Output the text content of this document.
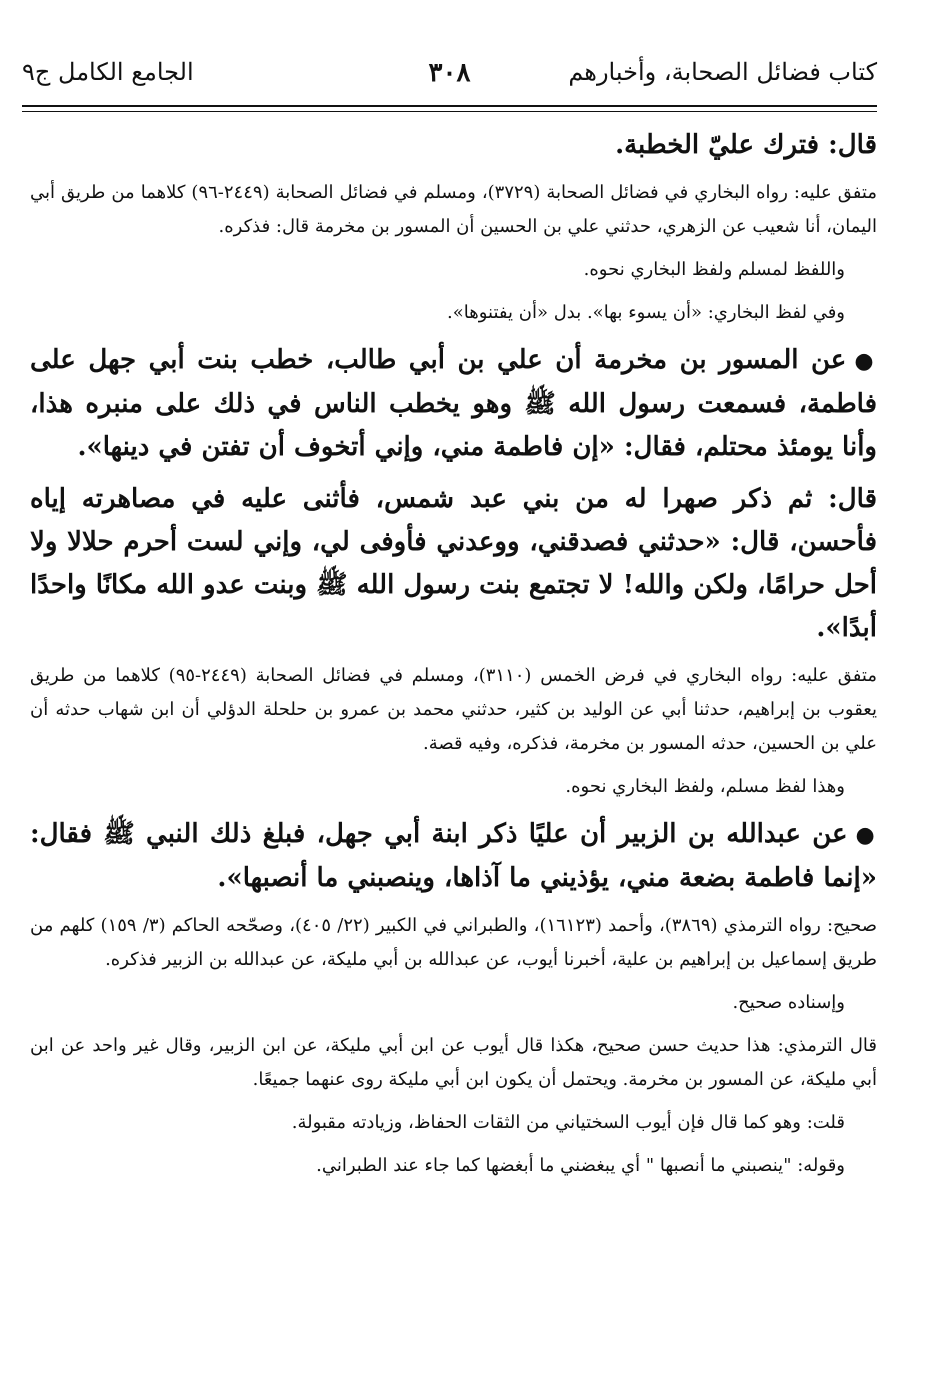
كتاب فضائل الصحابة، وأخبارهم
٣٠٨
الجامع الكامل ج٩

قال: فترك عليّ الخطبة.

متفق عليه: رواه البخاري في فضائل الصحابة (٣٧٢٩)، ومسلم في فضائل الصحابة (٢٤٤٩-٩٦) كلاهما من طريق أبي اليمان، أنا شعيب عن الزهري، حدثني علي بن الحسين أن المسور بن مخرمة قال: فذكره.

واللفظ لمسلم ولفظ البخاري نحوه.

وفي لفظ البخاري: «أن يسوء بها». بدل «أن يفتنوها».

●عن المسور بن مخرمة أن علي بن أبي طالب، خطب بنت أبي جهل على فاطمة، فسمعت رسول الله ﷺ وهو يخطب الناس في ذلك على منبره هذا، وأنا يومئذ محتلم، فقال: «إن فاطمة مني، وإني أتخوف أن تفتن في دينها».

قال: ثم ذكر صهرا له من بني عبد شمس، فأثنى عليه في مصاهرته إياه فأحسن، قال: «حدثني فصدقني، ووعدني فأوفى لي، وإني لست أحرم حلالا ولا أحل حرامًا، ولكن والله! لا تجتمع بنت رسول الله ﷺ وبنت عدو الله مكانًا واحدًا أبدًا».

متفق عليه: رواه البخاري في فرض الخمس (٣١١٠)، ومسلم في فضائل الصحابة (٢٤٤٩-٩٥) كلاهما من طريق يعقوب بن إبراهيم، حدثنا أبي عن الوليد بن كثير، حدثني محمد بن عمرو بن حلحلة الدؤلي أن ابن شهاب حدثه أن علي بن الحسين، حدثه المسور بن مخرمة، فذكره، وفيه قصة.

وهذا لفظ مسلم، ولفظ البخاري نحوه.

●عن عبدالله بن الزبير أن عليًا ذكر ابنة أبي جهل، فبلغ ذلك النبي ﷺ فقال: «إنما فاطمة بضعة مني، يؤذيني ما آذاها، وينصبني ما أنصبها».

صحيح: رواه الترمذي (٣٨٦٩)، وأحمد (١٦١٢٣)، والطبراني في الكبير (٢٢/ ٤٠٥)، وصحّحه الحاكم (٣/ ١٥٩) كلهم من طريق إسماعيل بن إبراهيم بن علية، أخبرنا أيوب، عن عبدالله بن أبي مليكة، عن عبدالله بن الزبير فذكره.

وإسناده صحيح.

قال الترمذي: هذا حديث حسن صحيح، هكذا قال أيوب عن ابن أبي مليكة، عن ابن الزبير، وقال غير واحد عن ابن أبي مليكة، عن المسور بن مخرمة. ويحتمل أن يكون ابن أبي مليكة روى عنهما جميعًا.

قلت: وهو كما قال فإن أيوب السختياني من الثقات الحفاظ، وزيادته مقبولة.

وقوله: "ينصبني ما أنصبها " أي يبغضني ما أبغضها كما جاء عند الطبراني.
